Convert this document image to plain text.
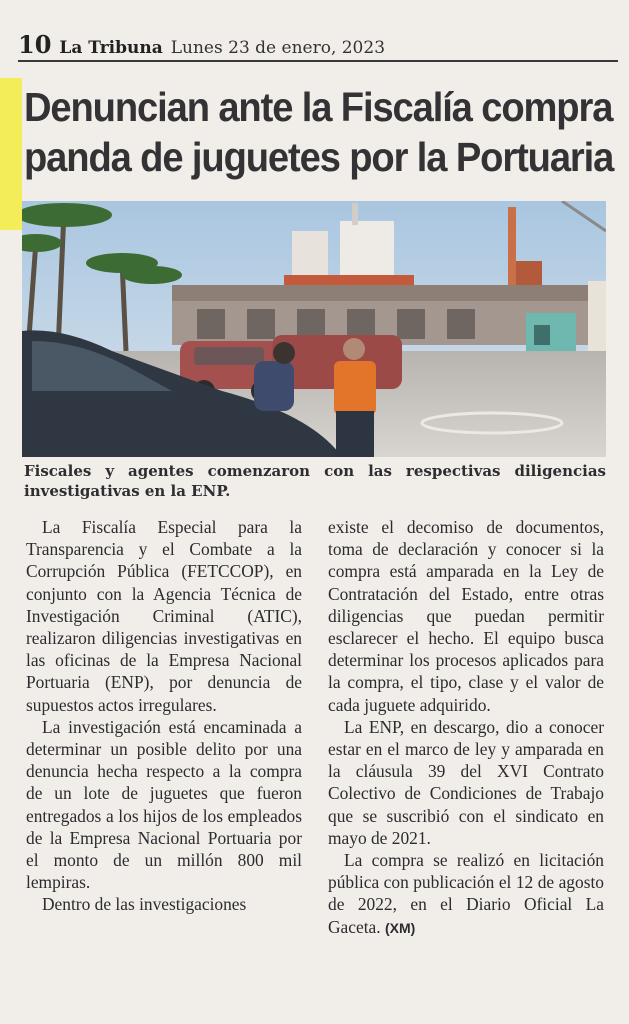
10 La Tribuna Lunes 23 de enero, 2023
Denuncian ante la Fiscalía compra
panda de juguetes por la Portuaria
Fiscales y agentes comenzaron con las respectivas diligencias investigativas en la ENP.

La Fiscalía Especial para la Transparencia y el Combate a la Corrupción Pública (FETCCOP), en conjunto con la Agencia Técnica de Investigación Criminal (ATIC), realizaron diligencias investigativas en las oficinas de la Empresa Nacional Portuaria (ENP), por denuncia de supuestos actos irregulares.

La investigación está encaminada a determinar un posible delito por una denuncia hecha respecto a la compra de un lote de juguetes que fueron entregados a los hijos de los empleados de la Empresa Nacional Portuaria por el monto de un millón 800 mil lempiras.

Dentro de las investigaciones

existe el decomiso de documentos, toma de declaración y conocer si la compra está amparada en la Ley de Contratación del Estado, entre otras diligencias que puedan permitir esclarecer el hecho. El equipo busca determinar los procesos aplicados para la compra, el tipo, clase y el valor de cada juguete adquirido.

La ENP, en descargo, dio a conocer estar en el marco de ley y amparada en la cláusula 39 del XVI Contrato Colectivo de Condiciones de Trabajo que se suscribió con el sindicato en mayo de 2021.

La compra se realizó en licitación pública con publicación el 12 de agosto de 2022, en el Diario Oficial La Gaceta. (XM)
